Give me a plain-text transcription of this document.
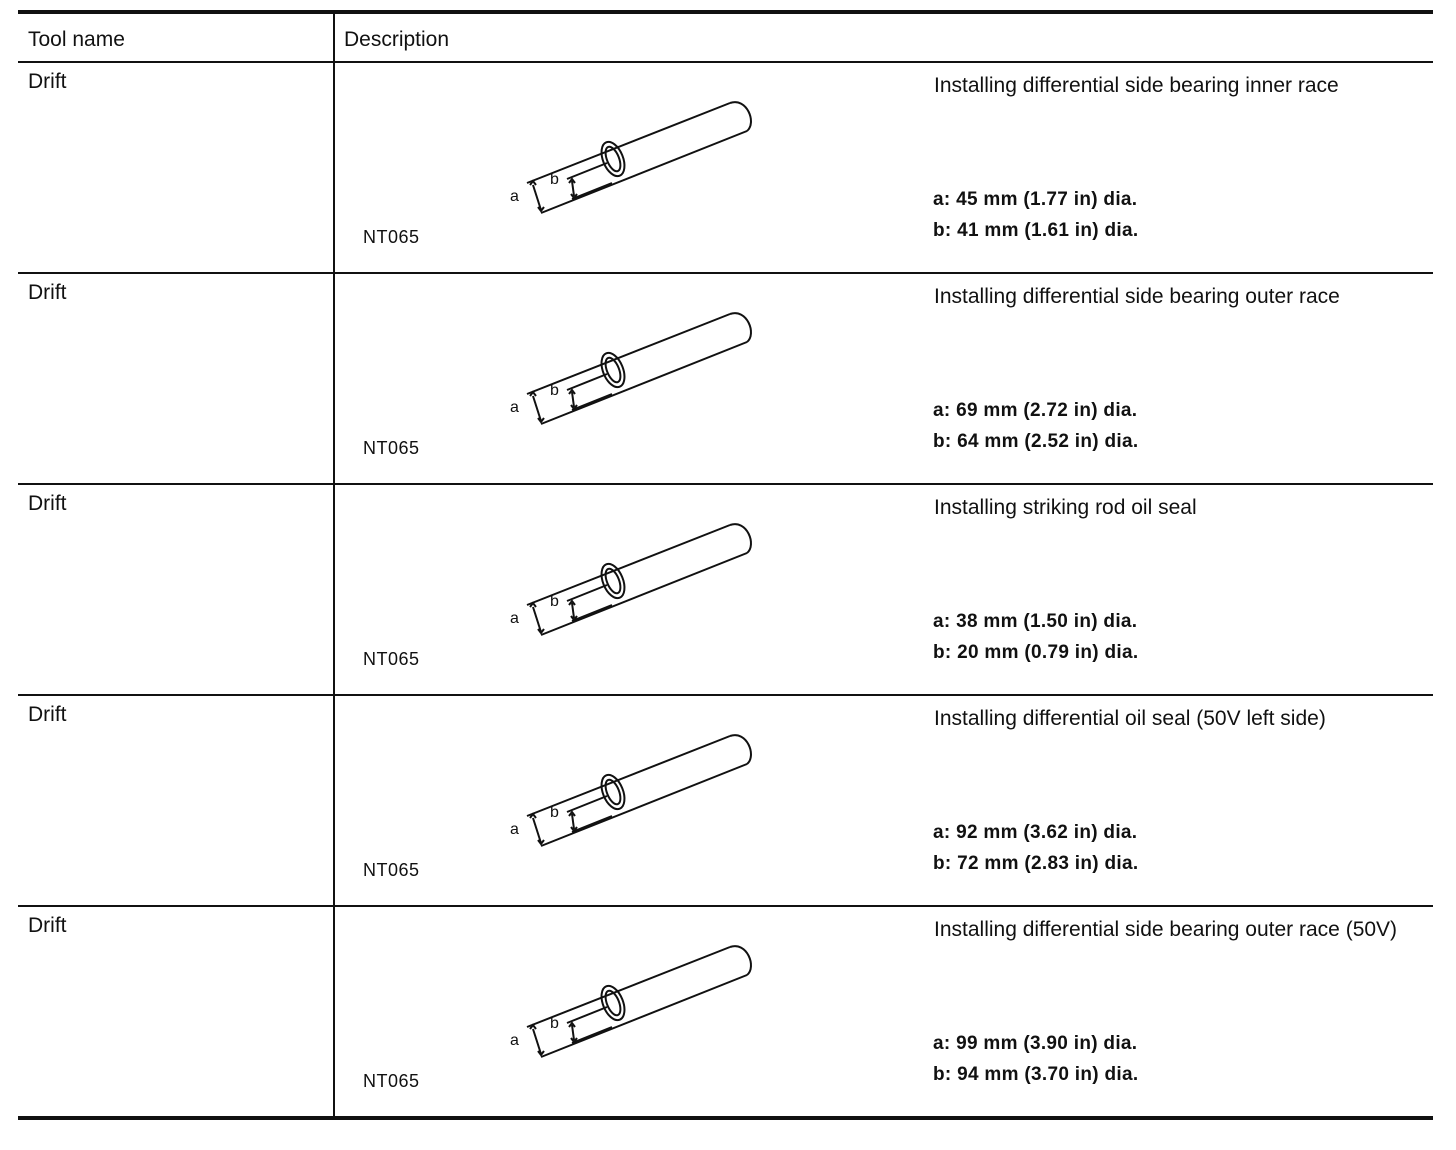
Tool name	Description
Drift
a
b
NT065
Installing differential side bearing inner race
a: 45 mm (1.77 in) dia.
b: 41 mm (1.61 in) dia.
Drift
a
b
NT065
Installing differential side bearing outer race
a: 69 mm (2.72 in) dia.
b: 64 mm (2.52 in) dia.
Drift
a
b
NT065
Installing striking rod oil seal
a: 38 mm (1.50 in) dia.
b: 20 mm (0.79 in) dia.
Drift
a
b
NT065
Installing differential oil seal (50V left side)
a: 92 mm (3.62 in) dia.
b: 72 mm (2.83 in) dia.
Drift
a
b
NT065
Installing differential side bearing outer race (50V)
a: 99 mm (3.90 in) dia.
b: 94 mm (3.70 in) dia.
